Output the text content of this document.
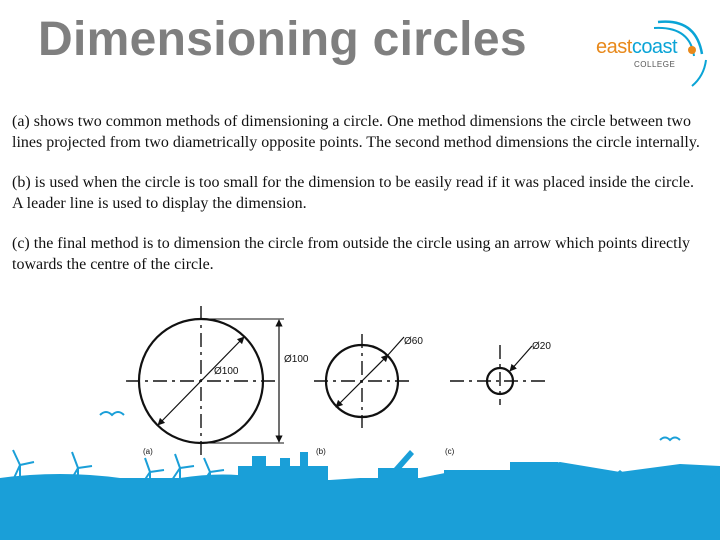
Dimensioning circles	eastcoast
COLLEGE

(a) shows two common methods of dimensioning a circle. One method dimensions the circle between two lines projected from two diametrically opposite points. The second method dimensions the circle internally.

(b) is used when the circle is too small for the dimension to be easily read if it was placed inside the circle. A leader line is used to display the dimension.

(c) the final method is to dimension the circle from outside the circle using an arrow which points directly towards the centre of the circle.

Ø100
Ø100
(a)
Ø60
(b)
Ø20
(c)
